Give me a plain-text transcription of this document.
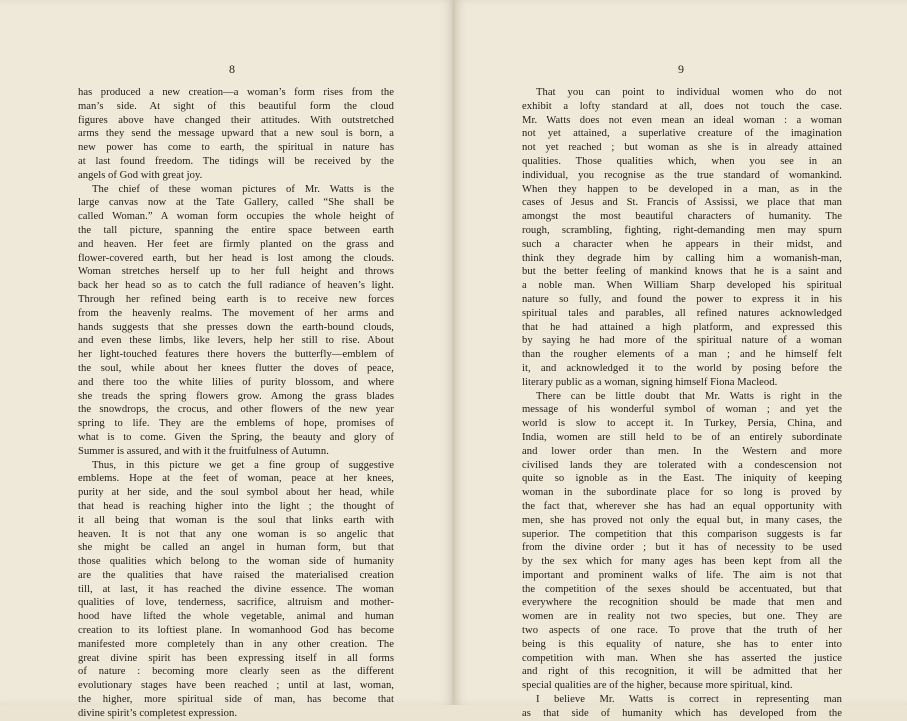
8
has produced a new creation—a woman’s form rises from the
man’s side. At sight of this beautiful form the cloud
figures above have changed their attitudes. With outstretched
arms they send the message upward that a new soul is born, a
new power has come to earth, the spiritual in nature has
at last found freedom. The tidings will be received by the
angels of God with great joy.
The chief of these woman pictures of Mr. Watts is the
large canvas now at the Tate Gallery, called “She shall be
called Woman.” A woman form occupies the whole height of
the tall picture, spanning the entire space between earth
and heaven. Her feet are firmly planted on the grass and
flower-covered earth, but her head is lost among the clouds.
Woman stretches herself up to her full height and throws
back her head so as to catch the full radiance of heaven’s light.
Through her refined being earth is to receive new forces
from the heavenly realms. The movement of her arms and
hands suggests that she presses down the earth-bound clouds,
and even these limbs, like levers, help her still to rise. About
her light-touched features there hovers the butterfly—emblem of
the soul, while about her knees flutter the doves of peace,
and there too the white lilies of purity blossom, and where
she treads the spring flowers grow. Among the grass blades
the snowdrops, the crocus, and other flowers of the new year
spring to life. They are the emblems of hope, promises of
what is to come. Given the Spring, the beauty and glory of
Summer is assured, and with it the fruitfulness of Autumn.
Thus, in this picture we get a fine group of suggestive
emblems. Hope at the feet of woman, peace at her knees,
purity at her side, and the soul symbol about her head, while
that head is reaching higher into the light ; the thought of
it all being that woman is the soul that links earth with
heaven. It is not that any one woman is so angelic that
she might be called an angel in human form, but that
those qualities which belong to the woman side of humanity
are the qualities that have raised the materialised creation
till, at last, it has reached the divine essence. The woman
qualities of love, tenderness, sacrifice, altruism and mother-
hood have lifted the whole vegetable, animal and human
creation to its loftiest plane. In womanhood God has become
manifested more completely than in any other creation. The
great divine spirit has been expressing itself in all forms
of nature : becoming more clearly seen as the different
evolutionary stages have been reached ; until at last, woman,
the higher, more spiritual side of man, has become that
divine spirit’s completest expression.
9
That you can point to individual women who do not
exhibit a lofty standard at all, does not touch the case.
Mr. Watts does not even mean an ideal woman : a woman
not yet attained, a superlative creature of the imagination
not yet reached ; but woman as she is in already attained
qualities. Those qualities which, when you see in an
individual, you recognise as the true standard of womankind.
When they happen to be developed in a man, as in the
cases of Jesus and St. Francis of Assissi, we place that man
amongst the most beautiful characters of humanity. The
rough, scrambling, fighting, right-demanding men may spurn
such a character when he appears in their midst, and
think they degrade him by calling him a womanish-man,
but the better feeling of mankind knows that he is a saint and
a noble man. When William Sharp developed his spiritual
nature so fully, and found the power to express it in his
spiritual tales and parables, all refined natures acknowledged
that he had attained a high platform, and expressed this
by saying he had more of the spiritual nature of a woman
than the rougher elements of a man ; and he himself felt
it, and acknowledged it to the world by posing before the
literary public as a woman, signing himself Fiona Macleod.
There can be little doubt that Mr. Watts is right in the
message of his wonderful symbol of woman ; and yet the
world is slow to accept it. In Turkey, Persia, China, and
India, women are still held to be of an entirely subordinate
and lower order than men. In the Western and more
civilised lands they are tolerated with a condescension not
quite so ignoble as in the East. The iniquity of keeping
woman in the subordinate place for so long is proved by
the fact that, wherever she has had an equal opportunity with
men, she has proved not only the equal but, in many cases, the
superior. The competition that this comparison suggests is far
from the divine order ; but it has of necessity to be used
by the sex which for many ages has been kept from all the
important and prominent walks of life. The aim is not that
the competition of the sexes should be accentuated, but that
everywhere the recognition should be made that men and
women are in reality not two species, but one. They are
two aspects of one race. To prove that the truth of her
being is this equality of nature, she has to enter into
competition with man. When she has asserted the justice
and right of this recognition, it will be admitted that her
special qualities are of the higher, because more spiritual, kind.
I believe Mr. Watts is correct in representing man
as that side of humanity which has developed from the
